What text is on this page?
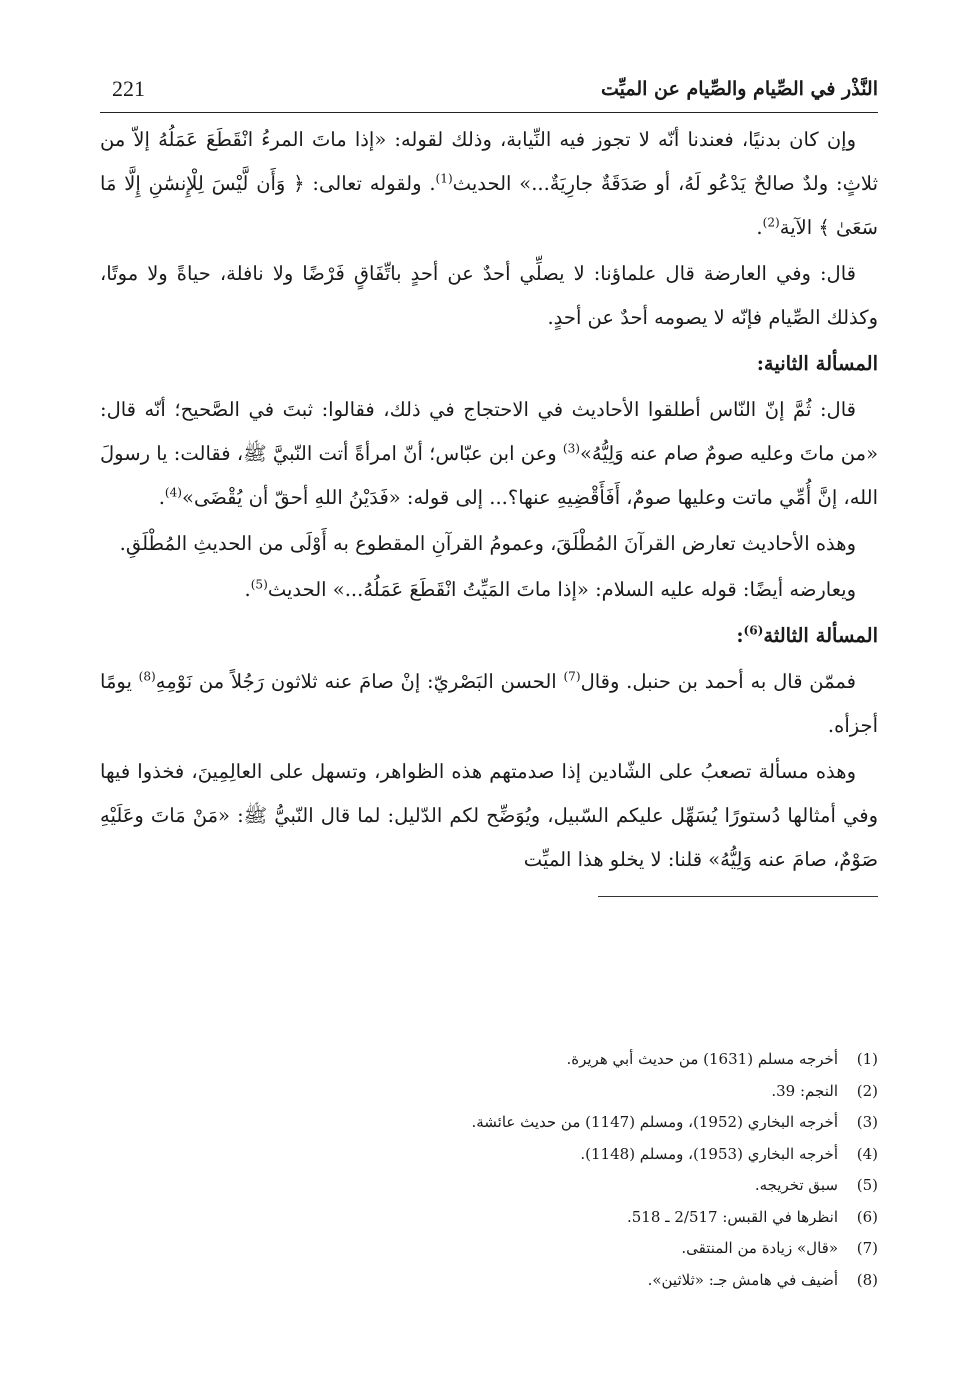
النَّذْر في الصِّيام والصِّيام عن الميِّت
221

وإن كان بدنيًا، فعندنا أنّه لا تجوز فيه النِّيابة، وذلك لقوله: «إذا ماتَ المرءُ انْقَطَعَ عَمَلُهُ إلاّ من ثلاثٍ: ولدٌ صالحٌ يَدْعُو لَهُ، أو صَدَقَةٌ جارِيَةٌ...» الحديث$^{(1)}$. ولقوله تعالى: ﴿ وَأَن لَّيْسَ لِلْإِنسَٰنِ إِلَّا مَا سَعَىٰ ﴾ الآية$^{(2)}$.

قال: وفي العارضة قال علماؤنا: لا يصلِّي أحدٌ عن أحدٍ باتِّفَاقٍ فَرْضًا ولا نافلة، حياةً ولا موتًا، وكذلك الصِّيام فإنّه لا يصومه أحدٌ عن أحدٍ.

المسألة الثانية:

قال: ثُمَّ إنّ النّاس أطلقوا الأحاديث في الاحتجاج في ذلك، فقالوا: ثبتَ في الصَّحيح؛ أنّه قال: «من ماتَ وعليه صومٌ صام عنه وَلِيُّهُ»$^{(3)}$ وعن ابن عبّاس؛ أنّ امرأةً أتت النّبيَّ ﷺ، فقالت: يا رسولَ الله، إنَّ أُمِّي ماتت وعليها صومٌ، أَفَأَقْضِيهِ عنها؟... إلى قوله: «فَدَيْنُ اللهِ أحقّ أن يُقْضَى»$^{(4)}$.

وهذه الأحاديث تعارض القرآنَ المُطْلَقَ، وعمومُ القرآنِ المقطوع به أَوْلَى من الحديثِ المُطْلَقِ.

ويعارضه أيضًا: قوله عليه السلام: «إذا ماتَ المَيِّتُ انْقَطَعَ عَمَلُهُ...» الحديث$^{(5)}$.

المسألة الثالثة$^{(6)}$:

فممّن قال به أحمد بن حنبل. وقال$^{(7)}$ الحسن البَصْريّ: إنْ صامَ عنه ثلاثون رَجُلاً من نَوْمِهِ$^{(8)}$ يومًا أجزأه.

وهذه مسألة تصعبُ على الشّادين إذا صدمتهم هذه الظواهر، وتسهل على العالِمِينَ، فخذوا فيها وفي أمثالها دُستورًا يُسَهِّل عليكم السّبيل، ويُوَضِّح لكم الدّليل: لما قال النّبيُّ ﷺ: «مَنْ مَاتَ وعَلَيْهِ صَوْمٌ، صامَ عنه وَلِيُّهُ» قلنا: لا يخلو هذا الميِّت

(1)
أخرجه مسلم (1631) من حديث أبي هريرة.
(2)
النجم: 39.
(3)
أخرجه البخاري (1952)، ومسلم (1147) من حديث عائشة.
(4)
أخرجه البخاري (1953)، ومسلم (1148).
(5)
سبق تخريجه.
(6)
انظرها في القبس: 2/517 ـ 518.
(7)
«قال» زيادة من المنتقى.
(8)
أضيف في هامش جـ: «ثلاثين».
